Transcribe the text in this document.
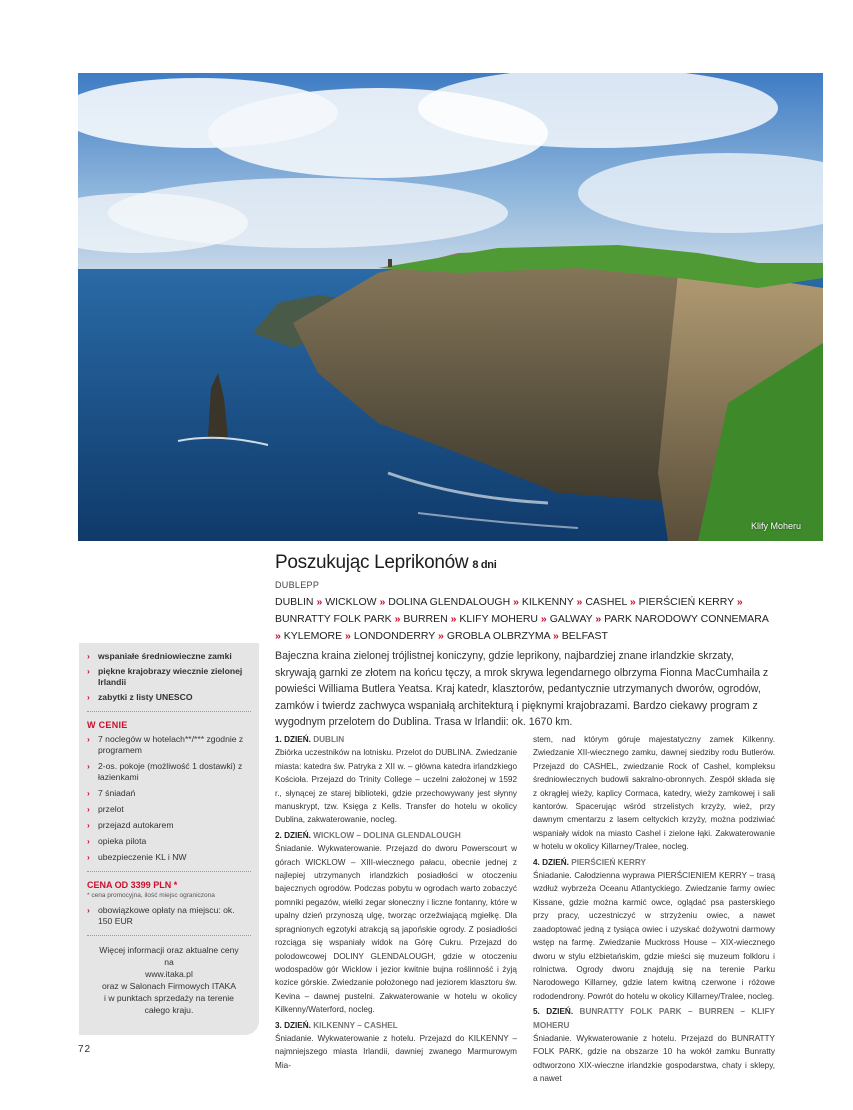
Klify Moheru
Poszukując Leprikonów 8 dni
DUBLEPP
DUBLIN » WICKLOW » DOLINA GLENDALOUGH » KILKENNY » CASHEL » PIERŚCIEŃ KERRY » BUNRATTY FOLK PARK » BURREN » KLIFY MOHERU » GALWAY » PARK NARODOWY CONNEMARA » KYLEMORE » LONDONDERRY » GROBLA OLBRZYMA » BELFAST
Bajeczna kraina zielonej trójlistnej koniczyny, gdzie leprikony, najbardziej znane irlandzkie skrzaty, skrywają garnki ze złotem na końcu tęczy, a mrok skrywa legendarnego olbrzyma Fionna MacCumhaila z powieści Williama Butlera Yeatsa. Kraj katedr, klasztorów, pedantycznie utrzymanych dworów, ogrodów, zamków i twierdz zachwyca wspaniałą architekturą i pięknymi krajobrazami. Bardzo ciekawy program z wygodnym przelotem do Dublina. Trasa w Irlandii: ok. 1670 km.
› wspaniałe średniowieczne zamki
› piękne krajobrazy wiecznie zielonej Irlandii
› zabytki z listy UNESCO
W CENIE
› 7 noclegów w hotelach**/*** zgodnie z programem
› 2-os. pokoje (możliwość 1 dostawki) z łazienkami
› 7 śniadań
› przelot
› przejazd autokarem
› opieka pilota
› ubezpieczenie KL i NW
CENA OD 3399 PLN *
* cena promocyjna, ilość miejsc ograniczona
› obowiązkowe opłaty na miejscu: ok. 150 EUR
Więcej informacji oraz aktualne ceny na
www.itaka.pl
oraz w Salonach Firmowych ITAKA
i w punktach sprzedaży na terenie
całego kraju.
1. DZIEŃ. DUBLIN
Zbiórka uczestników na lotnisku. Przelot do DUBLINA. Zwiedzanie miasta: katedra św. Patryka z XII w. – główna katedra irlandzkiego Kościoła. Przejazd do Trinity College – uczelni założonej w 1592 r., słynącej ze starej biblioteki, gdzie przechowywany jest słynny manuskrypt, tzw. Księga z Kells. Transfer do hotelu w okolicy Dublina, zakwaterowanie, nocleg.
2. DZIEŃ. WICKLOW – DOLINA GLENDALOUGH
Śniadanie. Wykwaterowanie. Przejazd do dworu Powerscourt w górach WICKLOW – XIII-wiecznego pałacu, obecnie jednej z najlepiej utrzymanych irlandzkich posiadłości w otoczeniu bajecznych ogrodów. Podczas pobytu w ogrodach warto zobaczyć pomniki pegazów, wielki zegar słoneczny i liczne fontanny, które w upalny dzień przynoszą ulgę, tworząc orzeźwiającą mgiełkę. Dla spragnionych egzotyki atrakcją są japońskie ogrody. Z posiadłości rozciąga się wspaniały widok na Górę Cukru. Przejazd do polodowcowej DOLINY GLENDALOUGH, gdzie w otoczeniu wodospadów gór Wicklow i jezior kwitnie bujna roślinność i żyją kozice górskie. Zwiedzanie położonego nad jeziorem klasztoru św. Kevina – dawnej pustelni. Zakwaterowanie w hotelu w okolicy Kilkenny/Waterford, nocleg.
3. DZIEŃ. KILKENNY – CASHEL
Śniadanie. Wykwaterowanie z hotelu. Przejazd do KILKENNY – najmniejszego miasta Irlandii, dawniej zwanego Marmurowym Mia-
stem, nad którym góruje majestatyczny zamek Kilkenny. Zwiedzanie XII-wiecznego zamku, dawnej siedziby rodu Butlerów. Przejazd do CASHEL, zwiedzanie Rock of Cashel, kompleksu średniowiecznych budowli sakralno-obronnych. Zespół składa się z okrągłej wieży, kaplicy Cormaca, katedry, wieży zamkowej i sali kantorów. Spacerując wśród strzelistych krzyży, wież, przy dawnym cmentarzu z lasem celtyckich krzyży, można podziwiać wspaniały widok na miasto Cashel i zielone łąki. Zakwaterowanie w hotelu w okolicy Killarney/Tralee, nocleg.
4. DZIEŃ. PIERŚCIEŃ KERRY
Śniadanie. Całodzienna wyprawa PIERŚCIENIEM KERRY – trasą wzdłuż wybrzeża Oceanu Atlantyckiego. Zwiedzanie farmy owiec Kissane, gdzie można karmić owce, oglądać psa pasterskiego przy pracy, uczestniczyć w strzyżeniu owiec, a nawet zaadoptować jedną z tysiąca owiec i uzyskać dożywotni darmowy wstęp na farmę. Zwiedzanie Muckross House – XIX-wiecznego dworu w stylu elżbietańskim, gdzie mieści się muzeum folkloru i rolnictwa. Ogrody dworu znajdują się na terenie Parku Narodowego Killarney, gdzie latem kwitną czerwone i różowe rododendrony. Powrót do hotelu w okolicy Killarney/Tralee, nocleg.
5. DZIEŃ. BUNRATTY FOLK PARK – BURREN – KLIFY MOHERU
Śniadanie. Wykwaterowanie z hotelu. Przejazd do BUNRATTY FOLK PARK, gdzie na obszarze 10 ha wokół zamku Bunratty odtworzono XIX-wieczne irlandzkie gospodarstwa, chaty i sklepy, a nawet
72
